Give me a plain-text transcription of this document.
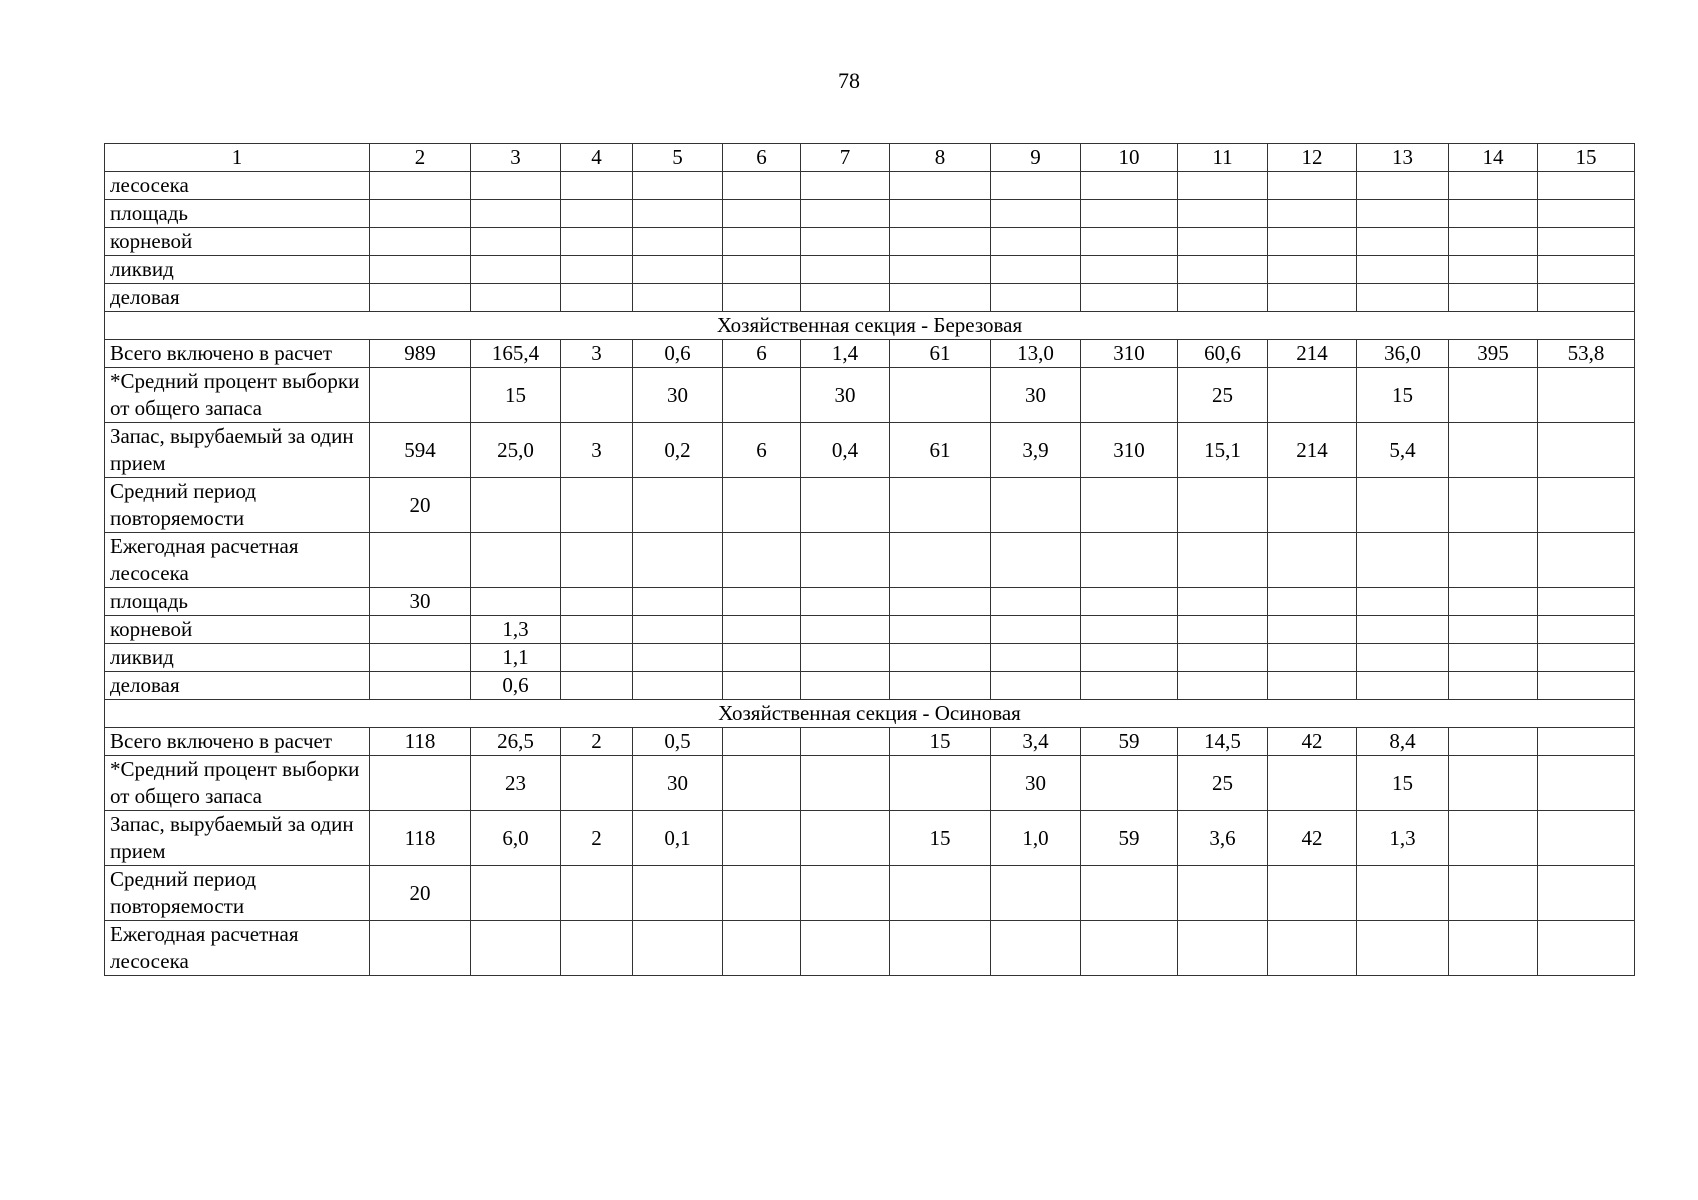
78
1	2	3	4	5	6	7	8	9	10	11	12	13	14	15
лесосека														
площадь														
корневой														
ликвид														
деловая														
Хозяйственная секция - Березовая														
Всего включено в расчет	989	165,4	3	0,6	6	1,4	61	13,0	310	60,6	214	36,0	395	53,8
*Средний процент выборки от общего запаса		15		30		30		30		25		15		
Запас, вырубаемый за один прием	594	25,0	3	0,2	6	0,4	61	3,9	310	15,1	214	5,4		
Средний период повторяемости	20													
Ежегодная расчетная лесосека														
площадь	30													
корневой		1,3												
ликвид		1,1												
деловая		0,6												
Хозяйственная секция - Осиновая														
Всего включено в расчет	118	26,5	2	0,5			15	3,4	59	14,5	42	8,4		
*Средний процент выборки от общего запаса		23		30				30		25		15		
Запас, вырубаемый за один прием	118	6,0	2	0,1			15	1,0	59	3,6	42	1,3		
Средний период повторяемости	20													
Ежегодная расчетная лесосека														
